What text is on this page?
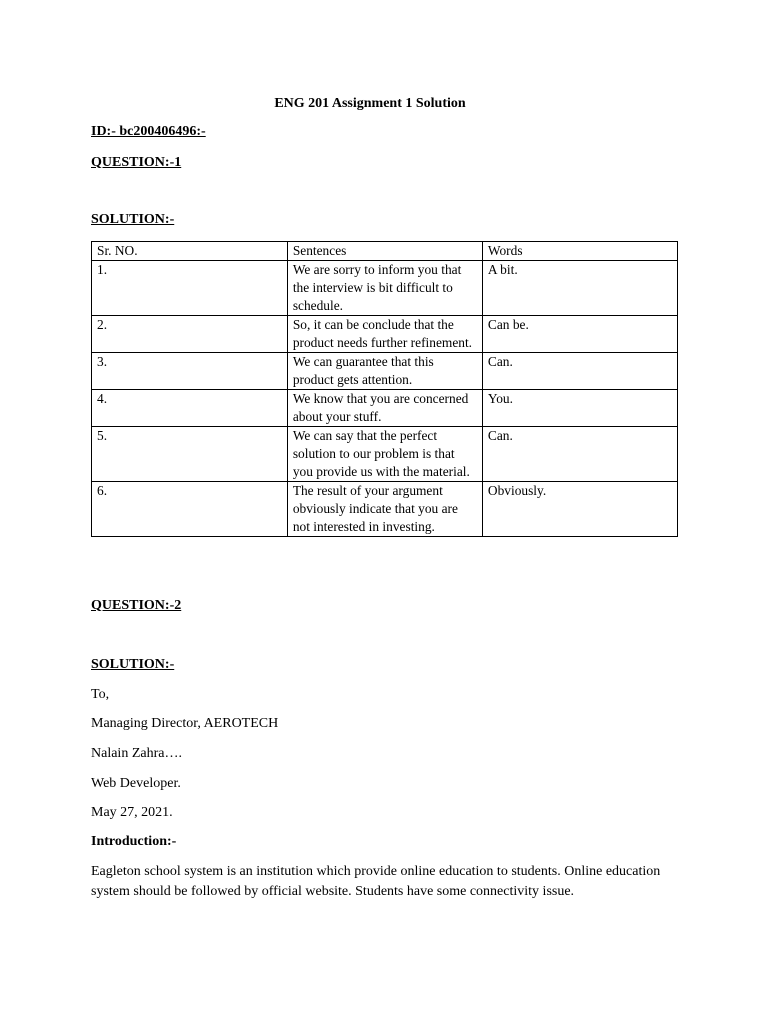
ENG 201 Assignment 1 Solution
ID:- bc200406496:-
QUESTION:-1
SOLUTION:-
Sr. NO.	Sentences	Words
1.	We are sorry to inform you that the interview is bit difficult to schedule.	A bit.
2.	So, it can be conclude that the product needs further refinement.	Can be.
3.	We can guarantee that this product gets attention.	Can.
4.	We know that you are concerned about your stuff.	You.
5.	We can say that the perfect solution to our problem is that you provide us with the material.	Can.
6.	The result of your argument obviously indicate that you are not interested in investing.	Obviously.
QUESTION:-2
SOLUTION:-
To,
Managing Director, AEROTECH
Nalain Zahra….
Web Developer.
May 27, 2021.
Introduction:-
Eagleton school system is an institution which provide online education to students. Online education system should be followed by official website. Students have some connectivity issue.
